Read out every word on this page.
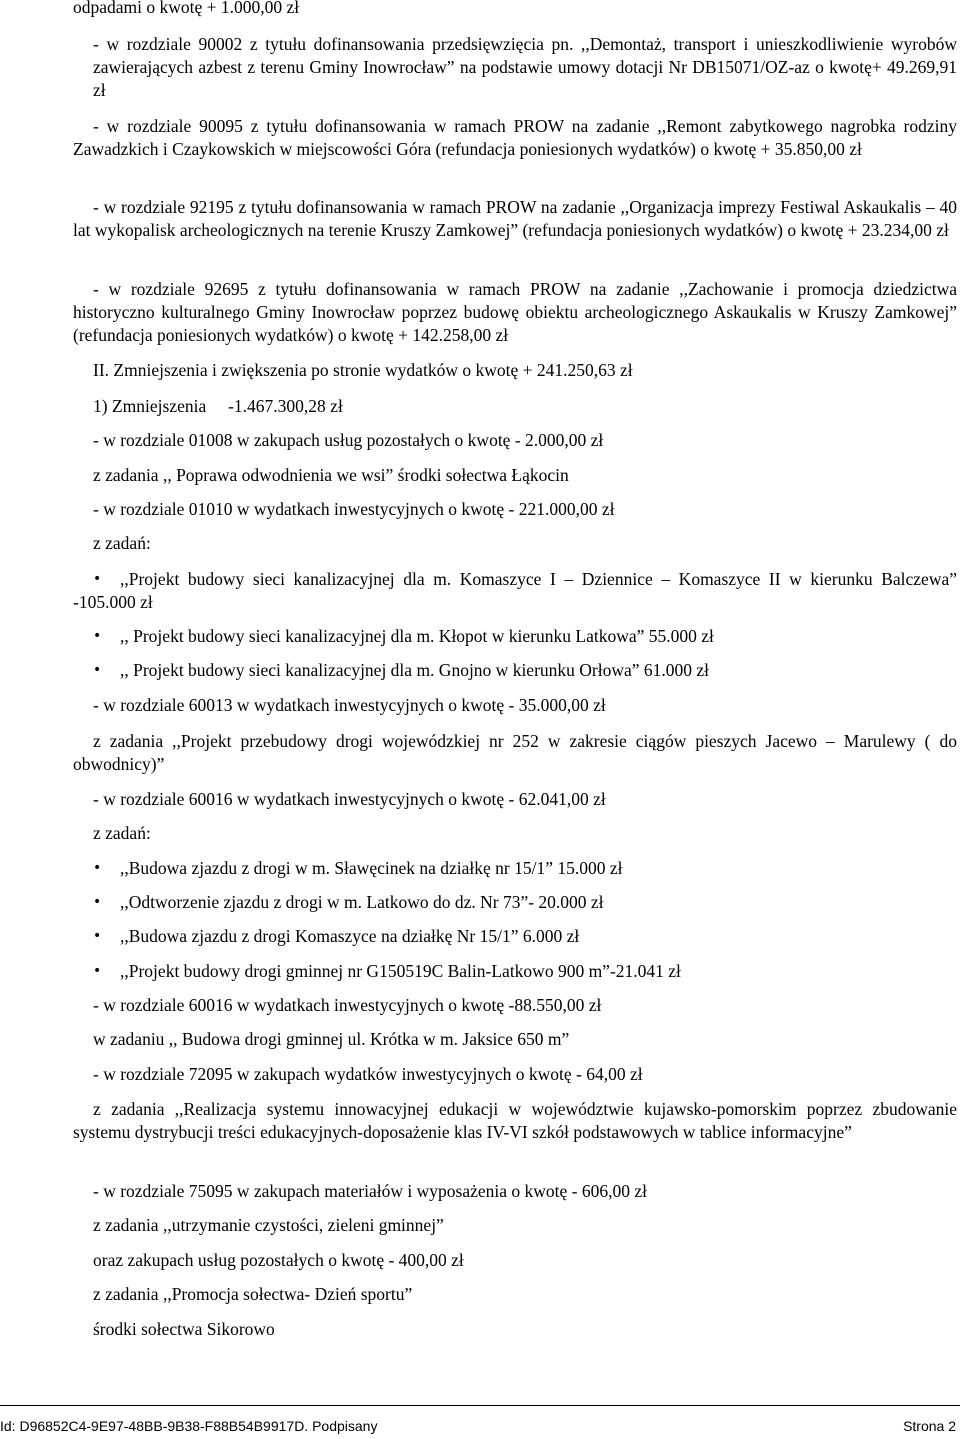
odpadami o kwotę + 1.000,00 zł
- w rozdziale 90002 z tytułu dofinansowania przedsięwzięcia pn. ,,Demontaż, transport i unieszkodliwienie wyrobów zawierających azbest z terenu Gminy Inowrocław” na podstawie umowy dotacji Nr DB15071/OZ-az o kwotę+ 49.269,91 zł
- w rozdziale 90095 z tytułu dofinansowania w ramach PROW na zadanie ,,Remont zabytkowego nagrobka rodziny Zawadzkich i Czaykowskich w miejscowości Góra (refundacja poniesionych wydatków) o kwotę + 35.850,00 zł
- w rozdziale 92195 z tytułu dofinansowania w ramach PROW na zadanie ,,Organizacja imprezy Festiwal Askaukalis – 40 lat wykopalisk archeologicznych na terenie Kruszy Zamkowej” (refundacja poniesionych wydatków) o kwotę + 23.234,00 zł
- w rozdziale 92695 z tytułu dofinansowania w ramach PROW na zadanie ,,Zachowanie i promocja dziedzictwa historyczno kulturalnego Gminy Inowrocław poprzez budowę obiektu archeologicznego Askaukalis w Kruszy Zamkowej” (refundacja poniesionych wydatków) o kwotę + 142.258,00 zł
II. Zmniejszenia i zwiększenia po stronie wydatków o kwotę + 241.250,63 zł
1) Zmniejszenia     -1.467.300,28 zł
- w rozdziale 01008 w zakupach usług pozostałych o kwotę - 2.000,00 zł
z zadania ,, Poprawa odwodnienia we wsi” środki sołectwa Łąkocin
- w rozdziale 01010 w wydatkach inwestycyjnych o kwotę - 221.000,00 zł
z zadań:
•	,,Projekt budowy sieci kanalizacyjnej dla m. Komaszyce I – Dziennice – Komaszyce II w kierunku Balczewa” -105.000 zł
•	,, Projekt budowy sieci kanalizacyjnej dla m. Kłopot w kierunku Latkowa” 55.000 zł
•	,, Projekt budowy sieci kanalizacyjnej dla m. Gnojno w kierunku Orłowa” 61.000 zł
- w rozdziale 60013 w wydatkach inwestycyjnych o kwotę - 35.000,00 zł
z zadania ,,Projekt przebudowy drogi wojewódzkiej nr 252 w zakresie ciągów pieszych Jacewo – Marulewy ( do obwodnicy)”
- w rozdziale 60016 w wydatkach inwestycyjnych o kwotę - 62.041,00 zł
z zadań:
•	,,Budowa zjazdu z drogi w m. Sławęcinek na działkę nr 15/1” 15.000 zł
•	,,Odtworzenie zjazdu z drogi w m. Latkowo do dz. Nr 73”- 20.000 zł
•	,,Budowa zjazdu z drogi Komaszyce na działkę Nr 15/1” 6.000 zł
•	,,Projekt budowy drogi gminnej nr G150519C Balin-Latkowo 900 m”-21.041 zł
- w rozdziale 60016 w wydatkach inwestycyjnych o kwotę -88.550,00 zł
w zadaniu ,, Budowa drogi gminnej ul. Krótka w m. Jaksice 650 m”
- w rozdziale 72095 w zakupach wydatków inwestycyjnych o kwotę - 64,00 zł
z zadania ,,Realizacja systemu innowacyjnej edukacji w województwie kujawsko-pomorskim poprzez zbudowanie systemu dystrybucji treści edukacyjnych-doposażenie klas IV-VI szkół podstawowych w tablice informacyjne”
- w rozdziale 75095 w zakupach materiałów i wyposażenia o kwotę - 606,00 zł
z zadania ,,utrzymanie czystości, zieleni gminnej”
oraz zakupach usług pozostałych o kwotę - 400,00 zł
z zadania ,,Promocja sołectwa- Dzień sportu”
środki sołectwa Sikorowo
Id: D96852C4-9E97-48BB-9B38-F88B54B9917D. Podpisany	Strona 2
